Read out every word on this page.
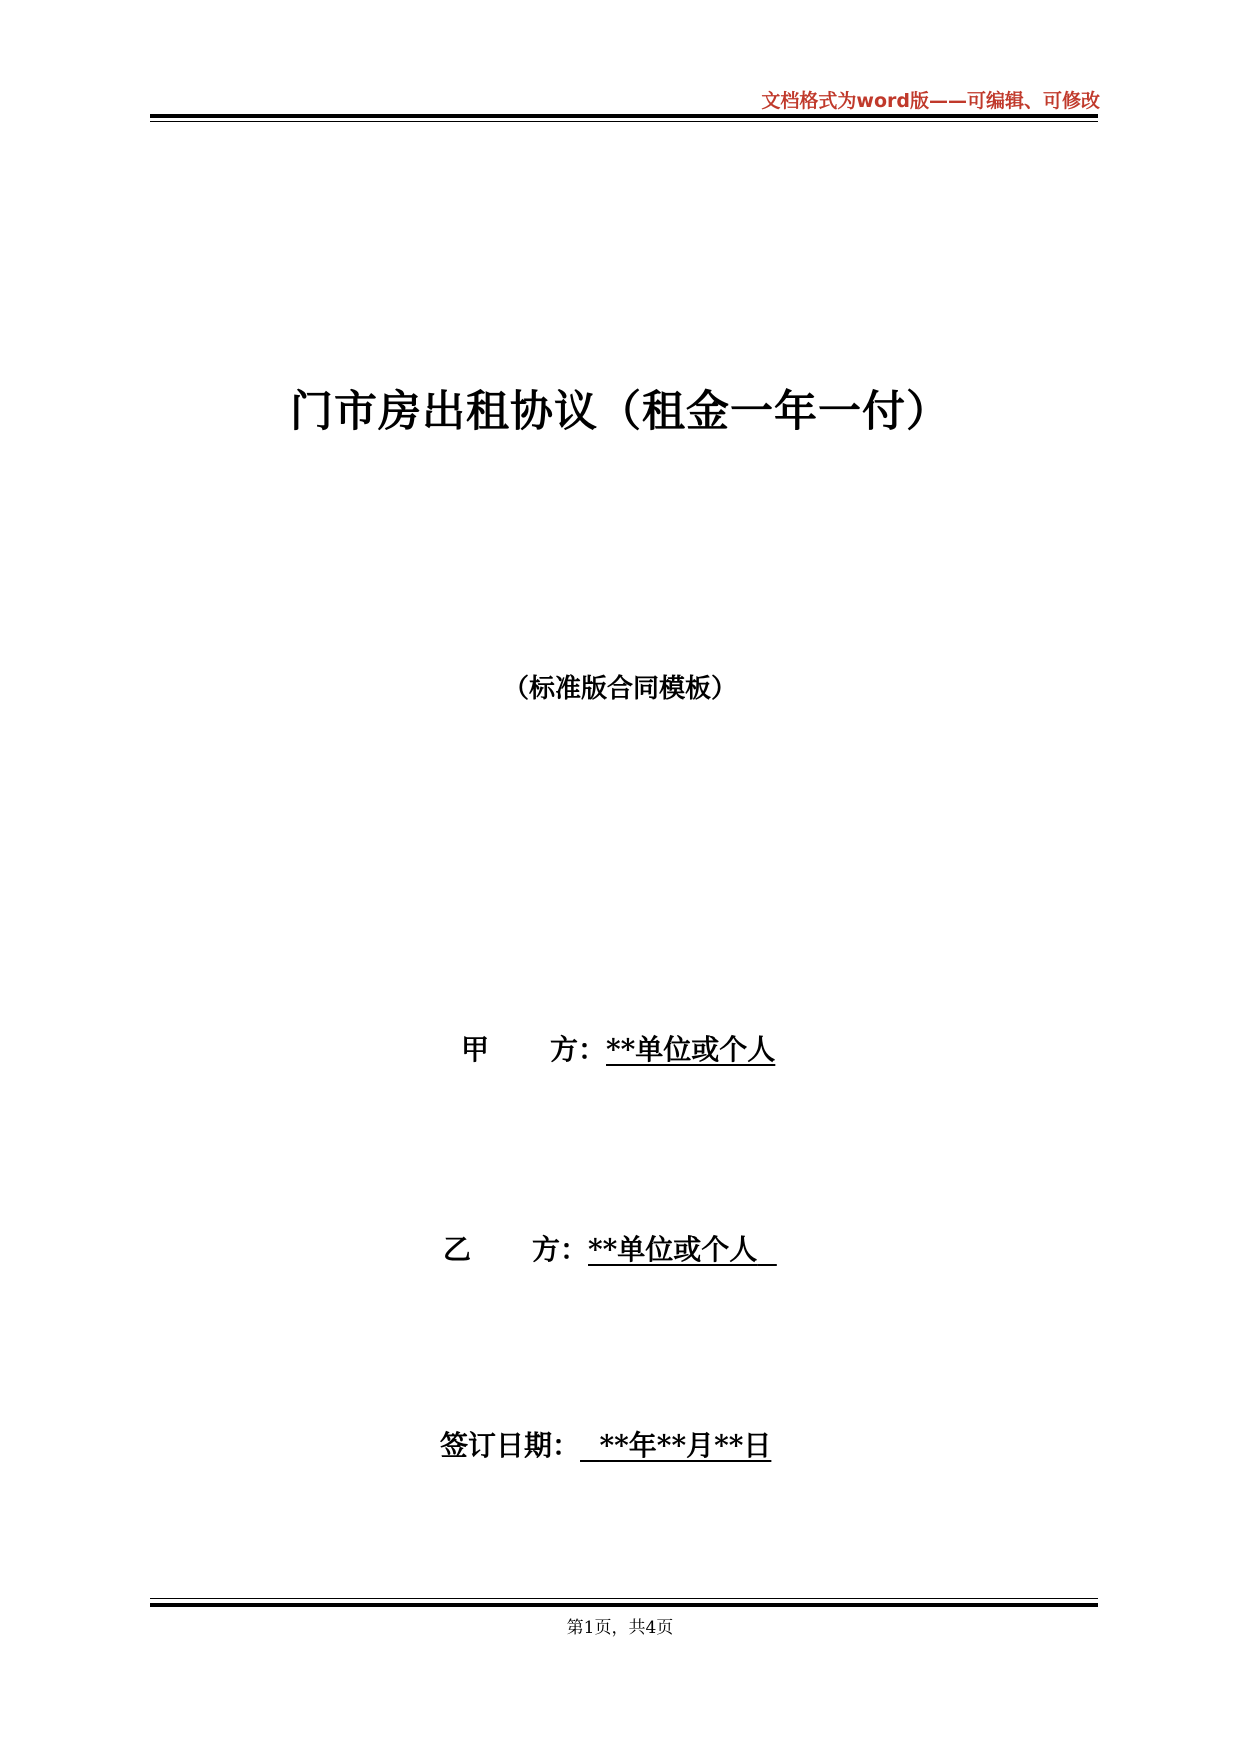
文档格式为word版——可编辑、可修改
门市房出租协议（租金一年一付）
（标准版合同模板）
甲 方：**单位或个人
乙 方：**单位或个人
签订日期： **年**月**日
第1页，共4页
